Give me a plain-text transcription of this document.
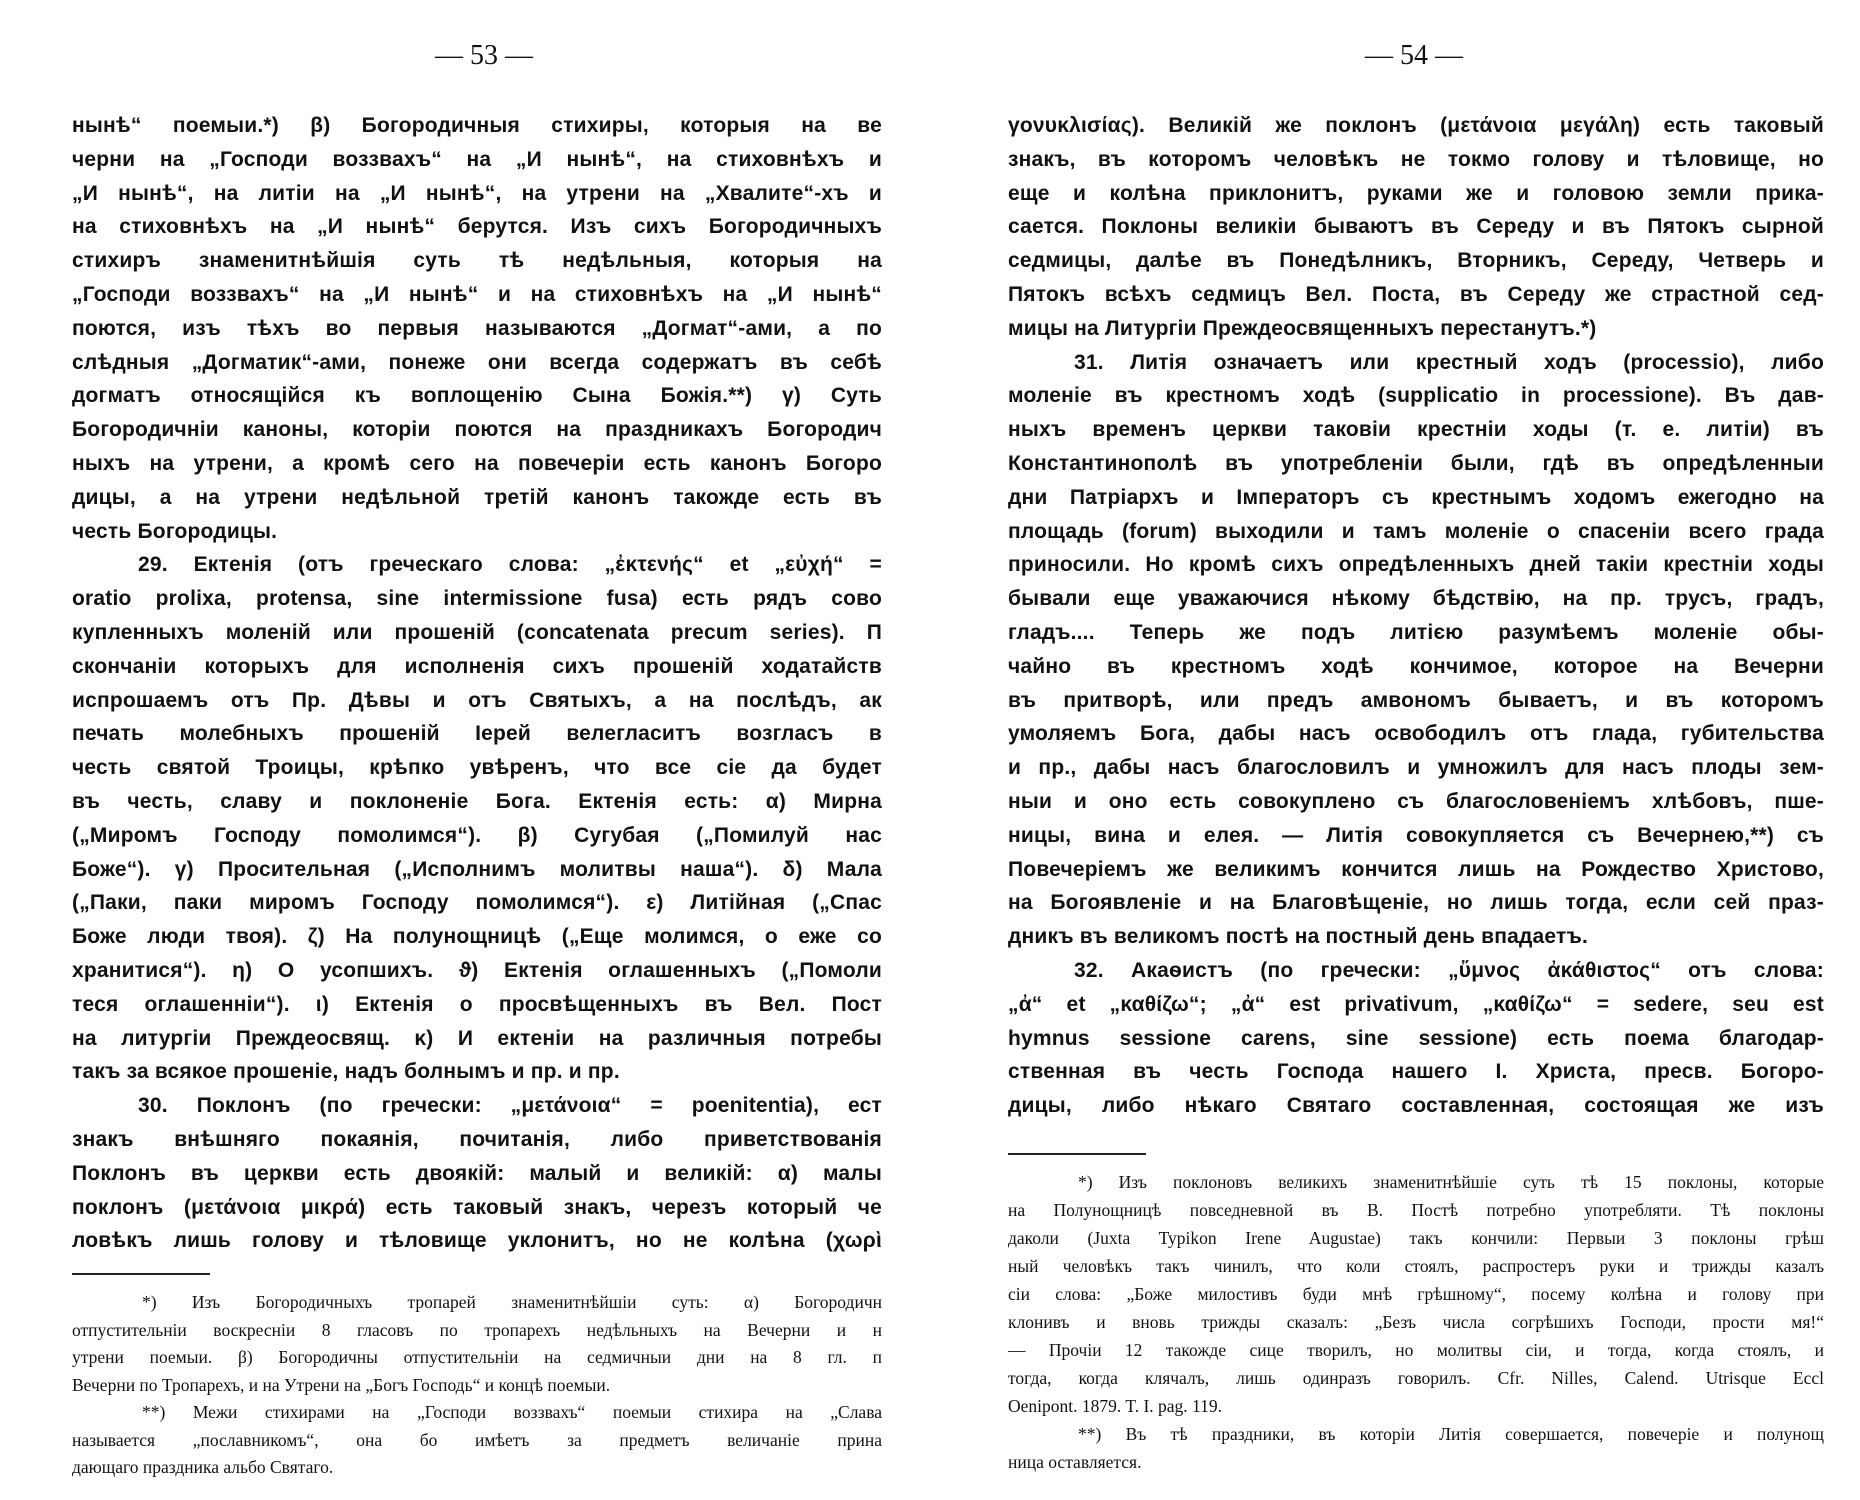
— 53 —	— 54 —
нынѣ“ поемыи.*) β) Богородичныя стихиры, которыя на ве
черни на „Господи воззвахъ“ на „И нынѣ“, на стиховнѣхъ и
„И нынѣ“, на литіи на „И нынѣ“, на утрени на „Хвалите“-хъ и
на стиховнѣхъ на „И нынѣ“ берутся. Изъ сихъ Богородичныхъ
стихиръ знаменитнѣйшія суть тѣ недѣльныя, которыя на
„Господи воззвахъ“ на „И нынѣ“ и на стиховнѣхъ на „И нынѣ“
поются, изъ тѣхъ во первыя называются „Догмат“-ами, а по
слѣдныя „Догматик“-ами, понеже они всегда содержатъ въ себѣ
догматъ относящійся къ воплощенію Сына Божія.**) γ) Суть
Богородичніи каноны, которіи поются на праздникахъ Богородич
ныхъ на утрени, а кромѣ сего на повечеріи есть канонъ Богоро
дицы, а на утрени недѣльной третій канонъ такожде есть въ
честь Богородицы.
29. Ектенія (отъ греческаго слова: „ἐκτενής“ et „εὐχή“ =
oratio prolixa, protensa, sine intermissione fusa) есть рядъ сово
купленныхъ моленій или прошеній (concatenata precum series). П
скончаніи которыхъ для исполненія сихъ прошеній ходатайств
испрошаемъ отъ Пр. Дѣвы и отъ Святыхъ, а на послѣдъ, ак
печать молебныхъ прошеній Іерей велегласитъ возгласъ в
честь святой Троицы, крѣпко увѣренъ, что все сіе да будет
въ честь, славу и поклоненіе Бога. Ектенія есть: α) Мирна
(„Миромъ Господу помолимся“). β) Сугубая („Помилуй нас
Боже“). γ) Просительная („Исполнимъ молитвы наша“). δ) Мала
(„Паки, паки миромъ Господу помолимся“). ε) Литійная („Спас
Боже люди твоя). ζ) На полунощницѣ („Еще молимся, о еже со
хранитися“). η) О усопшихъ. ϑ) Ектенія оглашенныхъ („Помоли
теся оглашенніи“). ι) Ектенія о просвѣщенныхъ въ Вел. Пост
на литургіи Преждеосвящ. κ) И ектеніи на различныя потребы
такъ за всякое прошеніе, надъ болнымъ и пр. и пр.
30. Поклонъ (по гречески: „μετάνοια“ = poenitentia), ест
знакъ внѣшняго покаянія, почитанія, либо приветствованія
Поклонъ въ церкви есть двоякій: малый и великій: α) малы
поклонъ (μετάνοια μικρά) есть таковый знакъ, черезъ который че
ловѣкъ лишь голову и тѣловище уклонитъ, но не колѣна (χωρὶ
*) Изъ Богородичныхъ тропарей знаменитнѣйшіи суть: α) Богородичн
отпустительніи воскресніи 8 гласовъ по тропарехъ недѣльныхъ на Вечерни и н
утрени поемыи. β) Богородичны отпустительніи на седмичныи дни на 8 гл. п
Вечерни по Тропарехъ, и на Утрени на „Богъ Господь“ и концѣ поемыи.
**) Межи стихирами на „Господи воззвахъ“ поемыи стихира на „Слава
называется „пославникомъ“, она бо имѣетъ за предметъ величаніе прина
дающаго праздника альбо Святаго.
γονυκλισίας). Великій же поклонъ (μετάνοια μεγάλη) есть таковый
знакъ, въ которомъ человѣкъ не токмо голову и тѣловище, но
еще и колѣна приклонитъ, руками же и головою земли прика-
сается. Поклоны великіи бываютъ въ Середу и въ Пятокъ сырной
седмицы, далѣе въ Понедѣлникъ, Вторникъ, Середу, Четверь и
Пятокъ всѣхъ седмицъ Вел. Поста, въ Середу же страстной сед-
мицы на Литургіи Преждеосвященныхъ перестанутъ.*)
31. Литія означаетъ или крестный ходъ (processio), либо
моленіе въ крестномъ ходѣ (supplicatio in processione). Въ дав-
ныхъ временъ церкви таковіи крестніи ходы (т. е. литіи) въ
Константинополѣ въ употребленіи были, гдѣ въ опредѣленныи
дни Патріархъ и Імператоръ съ крестнымъ ходомъ ежегодно на
площадь (forum) выходили и тамъ моленіе о спасеніи всего града
приносили. Но кромѣ сихъ опредѣленныхъ дней такіи крестніи ходы
бывали еще уважаючися нѣкому бѣдствію, на пр. трусъ, градъ,
гладъ.... Теперь же подъ литією разумѣемъ моленіе обы-
чайно въ крестномъ ходѣ кончимое, которое на Вечерни
въ притворѣ, или предъ амвономъ бываетъ, и въ которомъ
умоляемъ Бога, дабы насъ освободилъ отъ глада, губительства
и пр., дабы насъ благословилъ и умножилъ для насъ плоды зем-
ныи и оно есть совокуплено съ благословеніемъ хлѣбовъ, пше-
ницы, вина и елея. — Литія совокупляется съ Вечернею,**) съ
Повечеріемъ же великимъ кончится лишь на Рождество Христово,
на Богоявленіе и на Благовѣщеніе, но лишь тогда, если сей праз-
дникъ въ великомъ постѣ на постный день впадаетъ.
32. Акаѳистъ (по гречески: „ὕμνος ἀκάθιστος“ отъ слова:
„ἀ“ et „καθίζω“; „ἀ“ est privativum, „καθίζω“ = sedere, seu est
hymnus sessione carens, sine sessione) есть поема благодар-
ственная въ честь Господа нашего І. Христа, пресв. Богоро-
дицы, либо нѣкаго Святаго составленная, состоящая же изъ
*) Изъ поклоновъ великихъ знаменитнѣйшіе суть тѣ 15 поклоны, которые
на Полунощницѣ повседневной въ В. Постѣ потребно употребляти. Тѣ поклоны
даколи (Juxta Typikon Irene Augustae) такъ кончили: Первыи 3 поклоны грѣш
ный человѣкъ такъ чинилъ, что коли стоялъ, распростеръ руки и трижды казалъ
сіи слова: „Боже милостивъ буди мнѣ грѣшному“, посему колѣна и голову при
клонивъ и вновь трижды сказалъ: „Безъ числа согрѣшихъ Господи, прости мя!“
— Прочіи 12 такожде сице творилъ, но молитвы сіи, и тогда, когда стоялъ, и
тогда, когда клячалъ, лишь одинразъ говорилъ. Cfr. Nilles, Calend. Utrisque Eccl
Oenipont. 1879. T. I. pag. 119.
**) Въ тѣ праздники, въ которіи Литія совершается, повечеріе и полунощ
ница оставляется.
